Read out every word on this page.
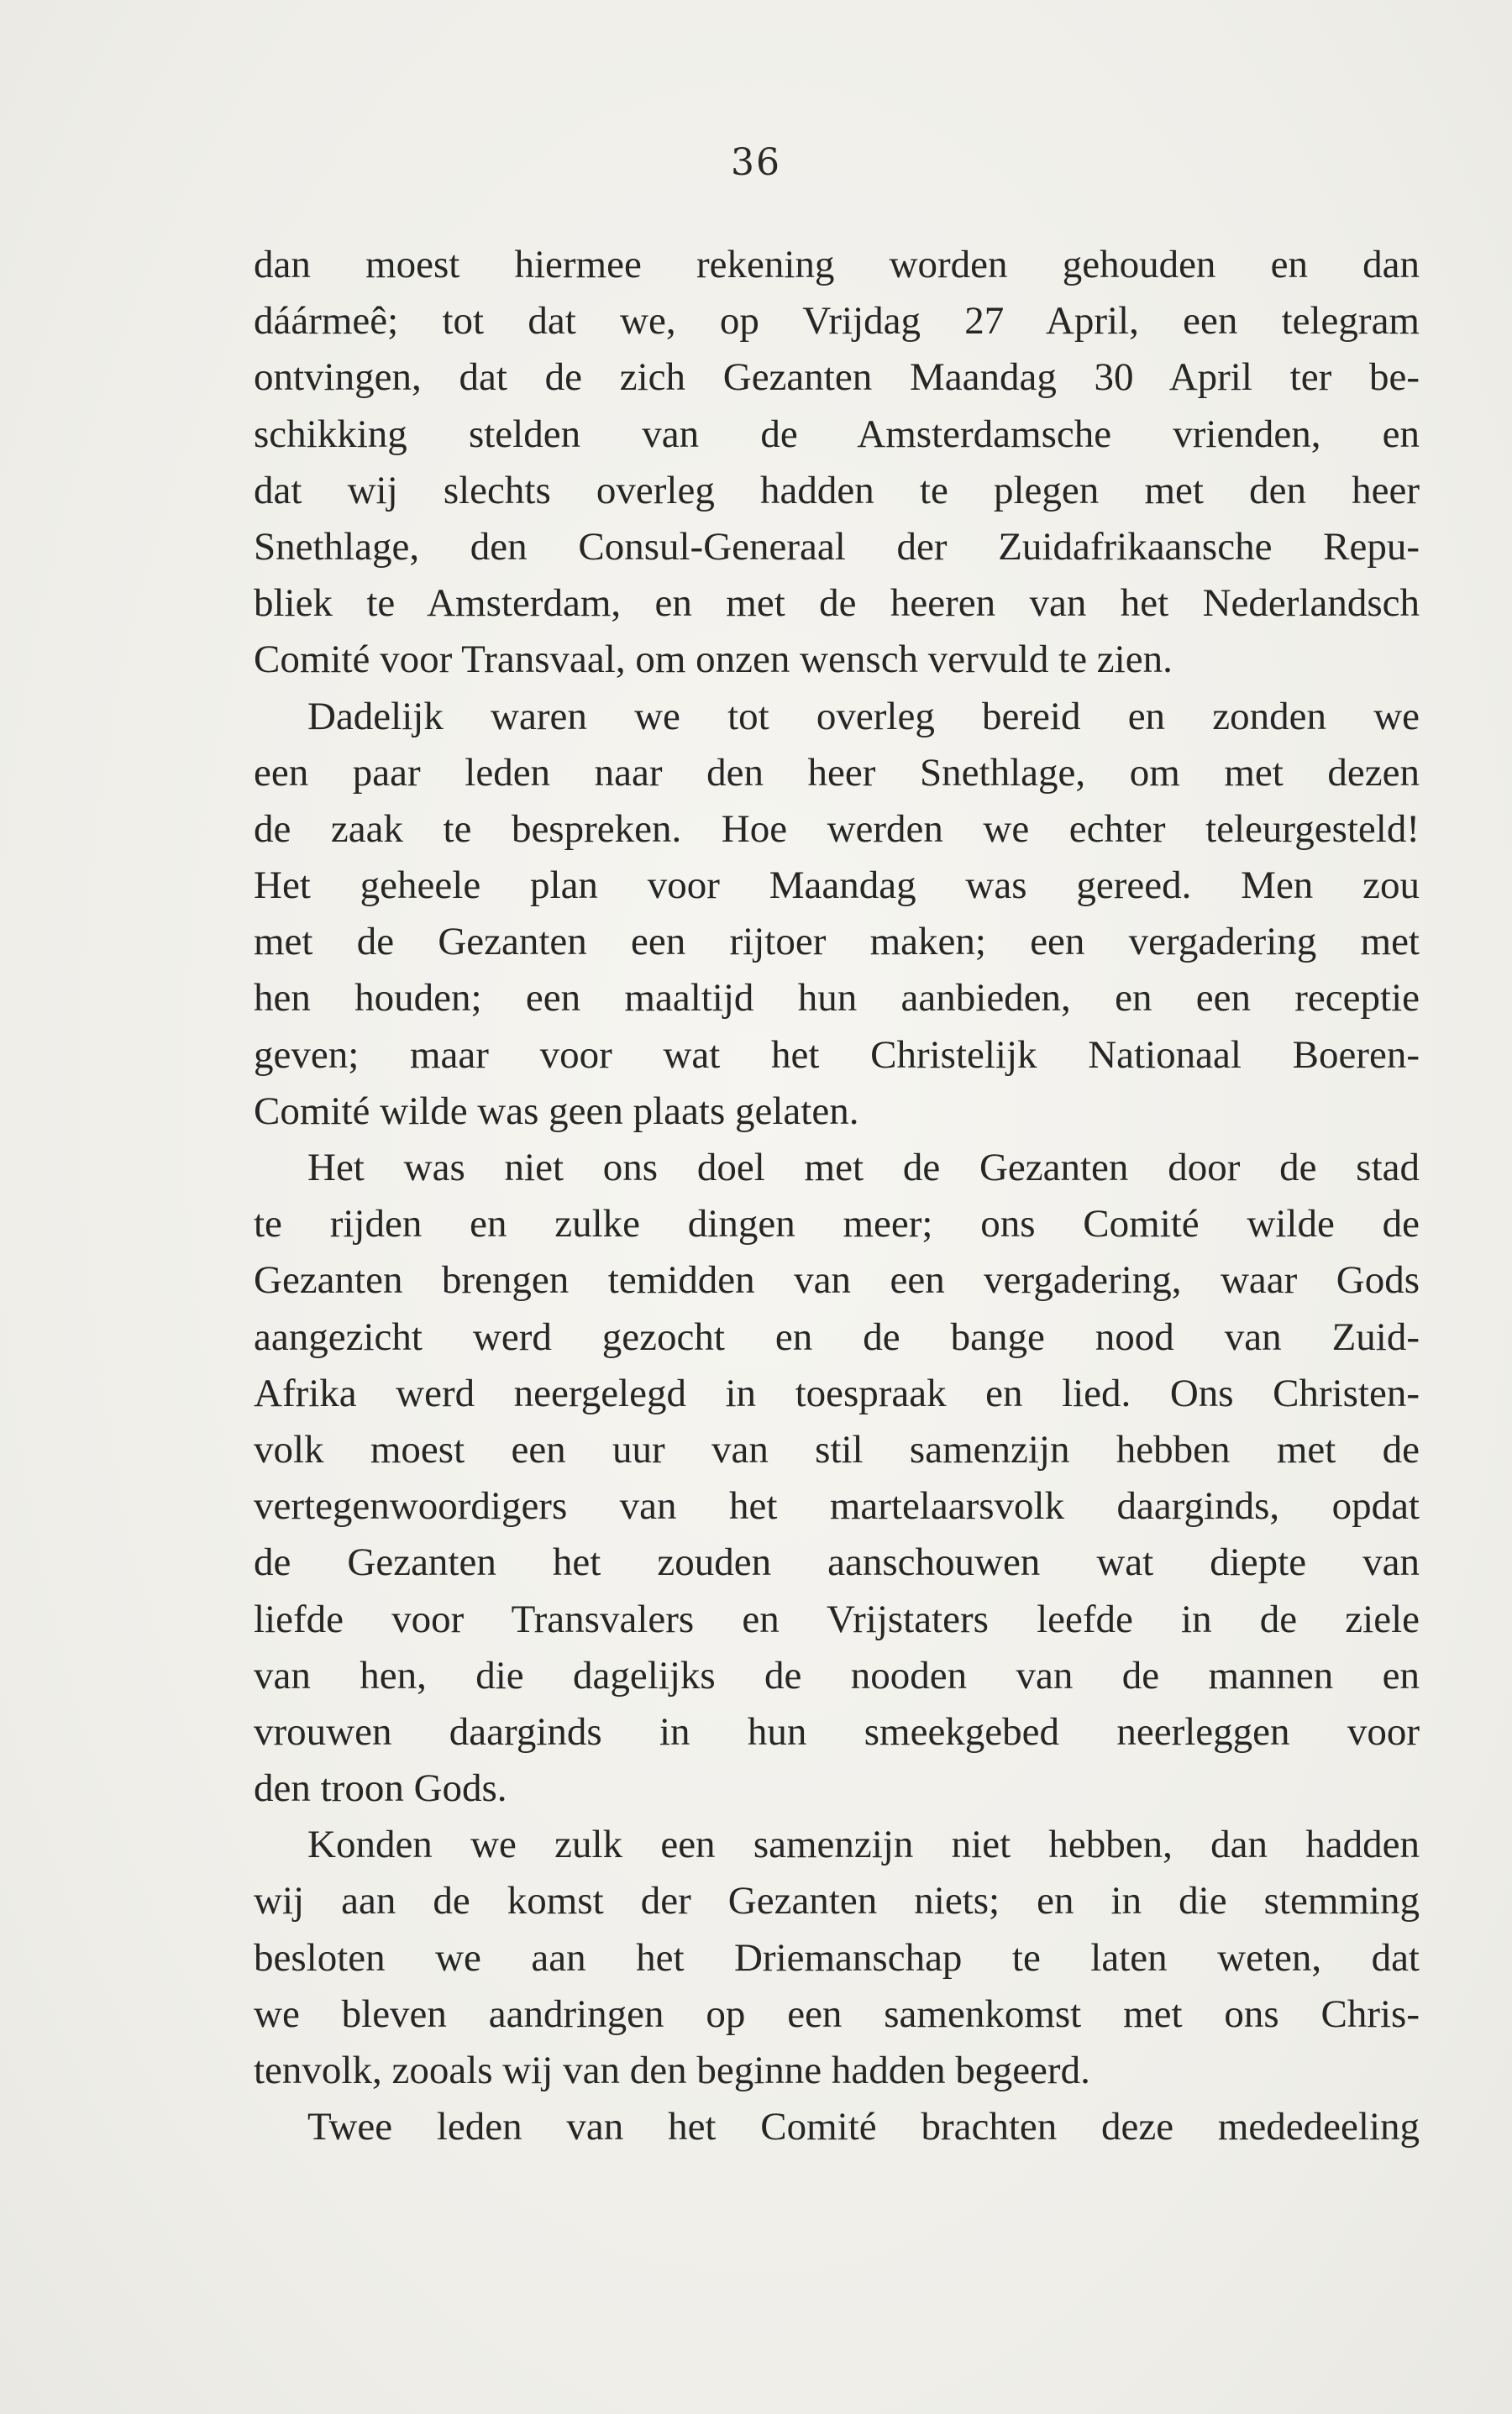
36
dan moest hiermee rekening worden gehouden en dan
dáármeê; tot dat we, op Vrijdag 27 April, een telegram
ontvingen, dat de zich Gezanten Maandag 30 April ter be-
schikking stelden van de Amsterdamsche vrienden, en
dat wij slechts overleg hadden te plegen met den heer
Snethlage, den Consul-Generaal der Zuidafrikaansche Repu-
bliek te Amsterdam, en met de heeren van het Nederlandsch
Comité voor Transvaal, om onzen wensch vervuld te zien.
Dadelijk waren we tot overleg bereid en zonden we
een paar leden naar den heer Snethlage, om met dezen
de zaak te bespreken. Hoe werden we echter teleurgesteld!
Het geheele plan voor Maandag was gereed. Men zou
met de Gezanten een rijtoer maken; een vergadering met
hen houden; een maaltijd hun aanbieden, en een receptie
geven; maar voor wat het Christelijk Nationaal Boeren-
Comité wilde was geen plaats gelaten.
Het was niet ons doel met de Gezanten door de stad
te rijden en zulke dingen meer; ons Comité wilde de
Gezanten brengen temidden van een vergadering, waar Gods
aangezicht werd gezocht en de bange nood van Zuid-
Afrika werd neergelegd in toespraak en lied. Ons Christen-
volk moest een uur van stil samenzijn hebben met de
vertegenwoordigers van het martelaarsvolk daarginds, opdat
de Gezanten het zouden aanschouwen wat diepte van
liefde voor Transvalers en Vrijstaters leefde in de ziele
van hen, die dagelijks de nooden van de mannen en
vrouwen daarginds in hun smeekgebed neerleggen voor
den troon Gods.
Konden we zulk een samenzijn niet hebben, dan hadden
wij aan de komst der Gezanten niets; en in die stemming
besloten we aan het Driemanschap te laten weten, dat
we bleven aandringen op een samenkomst met ons Chris-
tenvolk, zooals wij van den beginne hadden begeerd.
Twee leden van het Comité brachten deze mededeeling
